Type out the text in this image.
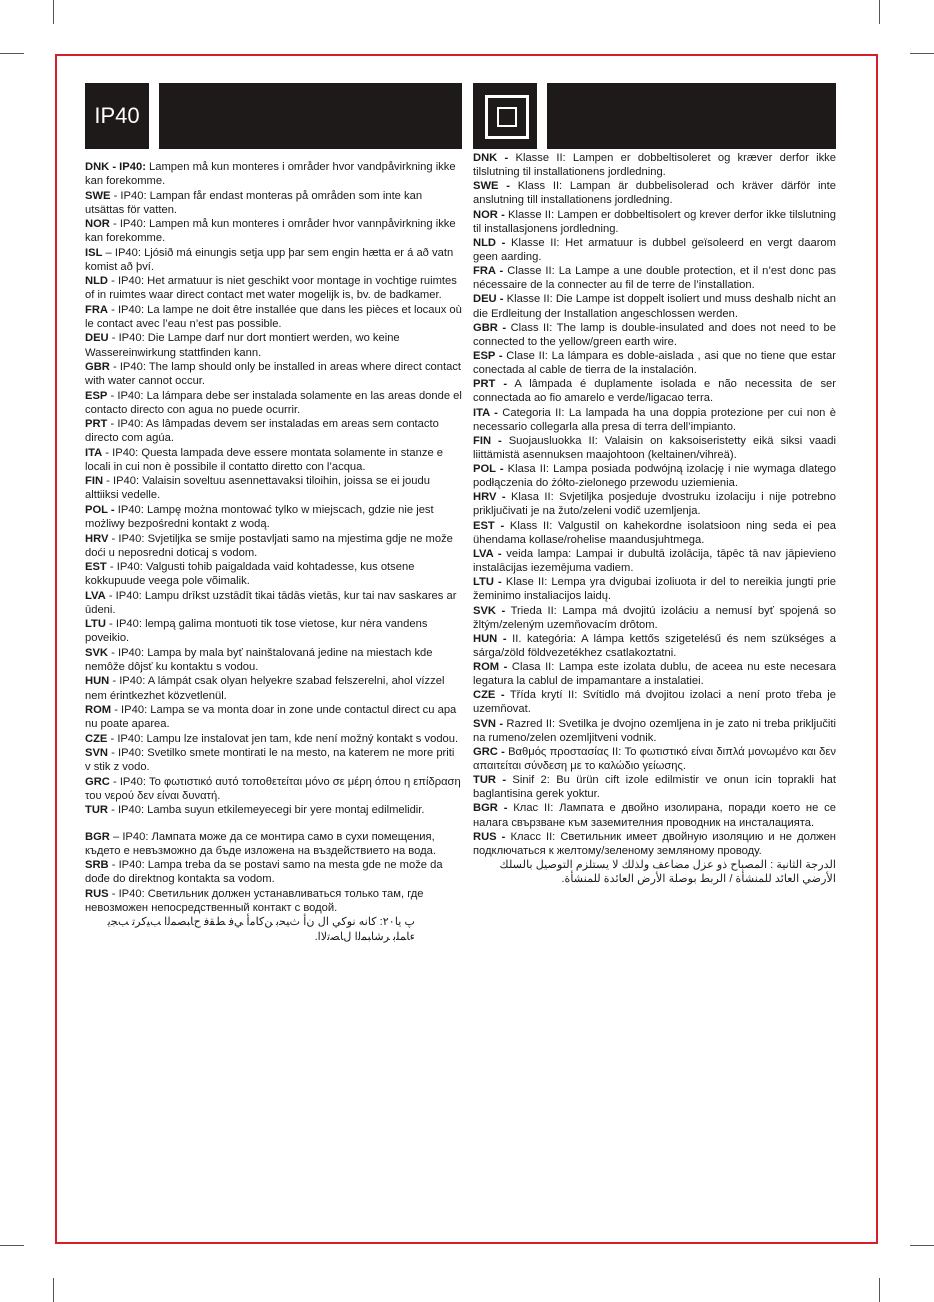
IP40

DNK - IP40: Lampen må kun monteres i områder hvor vandpåvirkning ikke kan forekomme.

SWE - IP40: Lampan får endast monteras på områden som inte kan utsättas för vatten.

NOR - IP40: Lampen må kun monteres i områder hvor vannpåvirkning ikke kan forekomme.

ISL – IP40: Ljósið má einungis setja upp þar sem engin hætta er á að vatn komist að því.

NLD - IP40: Het armatuur is niet geschikt voor montage in vochtige ruimtes of in ruimtes waar direct contact met water mogelijk is, bv. de badkamer.

FRA - IP40: La lampe ne doit être installée que dans les pièces et locaux où le contact avec l’eau n’est pas possible.

DEU - IP40: Die Lampe darf nur dort montiert werden, wo keine Wassereinwirkung stattfinden kann.

GBR - IP40: The lamp should only be installed in areas where direct contact with water cannot occur.

ESP - IP40: La lámpara debe ser instalada solamente en las areas donde el contacto directo con agua no puede ocurrir.

PRT - IP40: As lâmpadas devem ser instaladas em areas sem contacto directo com agúa.

ITA - IP40: Questa lampada deve essere montata solamente in stanze e locali in cui non è possibile il contatto diretto con l’acqua.

FIN - IP40: Valaisin soveltuu asennettavaksi tiloihin, joissa se ei joudu alttiiksi vedelle.

POL - IP40: Lampę można montować tylko w miejscach, gdzie nie jest możliwy bezpośredni kontakt z wodą.

HRV - IP40: Svjetiljka se smije postavljati samo na mjestima gdje ne može doći u neposredni doticaj s vodom.

EST - IP40: Valgusti tohib paigaldada vaid kohtadesse, kus otsene kokkupuude veega pole võimalik.

LVA - IP40: Lampu drīkst uzstādīt tikai tādās vietās, kur tai nav saskares ar ūdeni.

LTU - IP40: lempą galima montuoti tik tose vietose, kur nėra vandens poveikio.

SVK - IP40: Lampa by mala byť nainštalovaná jedine na miestach kde nemôže dôjsť ku kontaktu s vodou.

HUN - IP40: A lámpát csak olyan helyekre szabad felszerelni, ahol vízzel nem érintkezhet közvetlenül.

ROM - IP40: Lampa se va monta doar in zone unde contactul direct cu apa nu poate aparea.

CZE - IP40: Lampu lze instalovat jen tam, kde není možný kontakt s vodou.

SVN - IP40: Svetilko smete montirati le na mesto, na katerem ne more priti v stik z vodo.

GRC - IP40: Το φωτιστικό αυτό τοποθετείται μόνο σε μέρη όπου η επίδραση του νερού δεν είναι δυνατή.

TUR - IP40: Lamba suyun etkilemeyecegi bir yere montaj edilmelidir.

BGR – IP40: Лампата може да се монтира само в сухи помещения, където е невъзможно да бъде изложена на въздействието на вода.

SRB - IP40: Lampa treba da se postavi samo na mesta gde ne može da dođe do direktnog kontakta sa vodom.

RUS - IP40: Светильник должен устанавливаться только там, где невозможен непосредственный контакт с водой.

ﭖ ﻳﺎ٢٠: ﻛﺎﻧﻪ ﻧﻮﻛﻲ ﺍﻝ ﻥﺃ ﺙﻴﺤﺑ ﻦﻛﺎﻣﺃ ﻲﻓ ﻂﻘﻓ ﺡﺎﺒﺼﻤﻟﺍ ﺐﻴﻛﺮﺗ ﺐﺠﻳ ءﺎﻤﻠﺑ ﺮﺷﺎﺒﻤﻟﺍ ﻝﺎﺼﺗﻻﺍ.

DNK - Klasse II: Lampen er dobbeltisoleret og kræver derfor ikke tilslutning til installationens jordledning.

SWE - Klass II: Lampan är dubbelisolerad och kräver därför inte anslutning till installationens jordledning.

NOR - Klasse II: Lampen er dobbeltisolert og krever derfor ikke tilslutning til installasjonens jordledning.

NLD - Klasse II: Het armatuur is dubbel geïsoleerd en vergt daarom geen aarding.

FRA - Classe II: La Lampe a une double protection, et il n’est donc pas nécessaire de la connecter au fil de terre de l’installation.

DEU - Klasse II: Die Lampe ist doppelt isoliert und muss deshalb nicht an die Erdleitung der Installation angeschlossen werden.

GBR - Class II: The lamp is double-insulated and does not need to be connected to the yellow/green earth wire.

ESP - Clase II: La lámpara es doble-aislada , asi que no tiene que estar conectada al cable de tierra de la instalación.

PRT - A lâmpada é duplamente isolada e não necessita de ser connectada ao fio amarelo e verde/ligacao terra.

ITA - Categoria II: La lampada ha una doppia protezione per cui non è necessario collegarla alla presa di terra dell’impianto.

FIN - Suojausluokka II: Valaisin on kaksoiseristetty eikä siksi vaadi liittämistä asennuksen maajohtoon (keltainen/vihreä).

POL - Klasa II: Lampa posiada podwójną izolację i nie wymaga dlatego podłączenia do żółto-zielonego przewodu uziemienia.

HRV - Klasa II: Svjetiljka posjeduje dvostruku izolaciju i nije potrebno priključivati je na žuto/zeleni vodič uzemljenja.

EST - Klass II: Valgustil on kahekordne isolatsioon ning seda ei pea ühendama kollase/rohelise maandusjuhtmega.

LVA - veida lampa: Lampai ir dubultā izolācija, tāpēc tā nav jāpievieno instalācijas iezemējuma vadiem.

LTU - Klase II: Lempa yra dvigubai izoliuota ir del to nereikia jungti prie žeminimo instaliacijos laidų.

SVK - Trieda II: Lampa má dvojitú izoláciu a nemusí byť spojená so žltým/zeleným uzemňovacím drôtom.

HUN - II. kategória: A lámpa kettős szigetelésű és nem szükséges a sárga/zöld földvezetékhez csatlakoztatni.

ROM - Clasa II: Lampa este izolata dublu, de aceea nu este necesara legatura la cablul de impamantare a instalatiei.

CZE - Třída krytí II: Svítidlo má dvojitou izolaci a není proto třeba je uzemňovat.

SVN - Razred II: Svetilka je dvojno ozemljena in je zato ni treba priključiti na rumeno/zelen ozemljitveni vodnik.

GRC - Βαθμός προστασίας II: Το φωτιστικό είναι διπλά μονωμένο και δεν απαιτείται σύνδεση με το καλώδιο γείωσης.

TUR - Sinif 2: Bu ürün cift izole edilmistir ve onun icin toprakli hat baglantisina gerek yoktur.

BGR - Клас II: Лампата е двойно изолирана, поради което не се налага свързване към заземителния проводник на инсталацията.

RUS - Класс II: Светильник имеет двойную изоляцию и не должен подключаться к желтому/зеленому земляному проводу.

الدرجة الثانية : المصباح ذو عزل مضاعف ولذلك لا يستلزم التوصيل بالسلك الأرضي العائد للمنشأة / الربط بوصلة الأرض العائدة للمنشأة.
